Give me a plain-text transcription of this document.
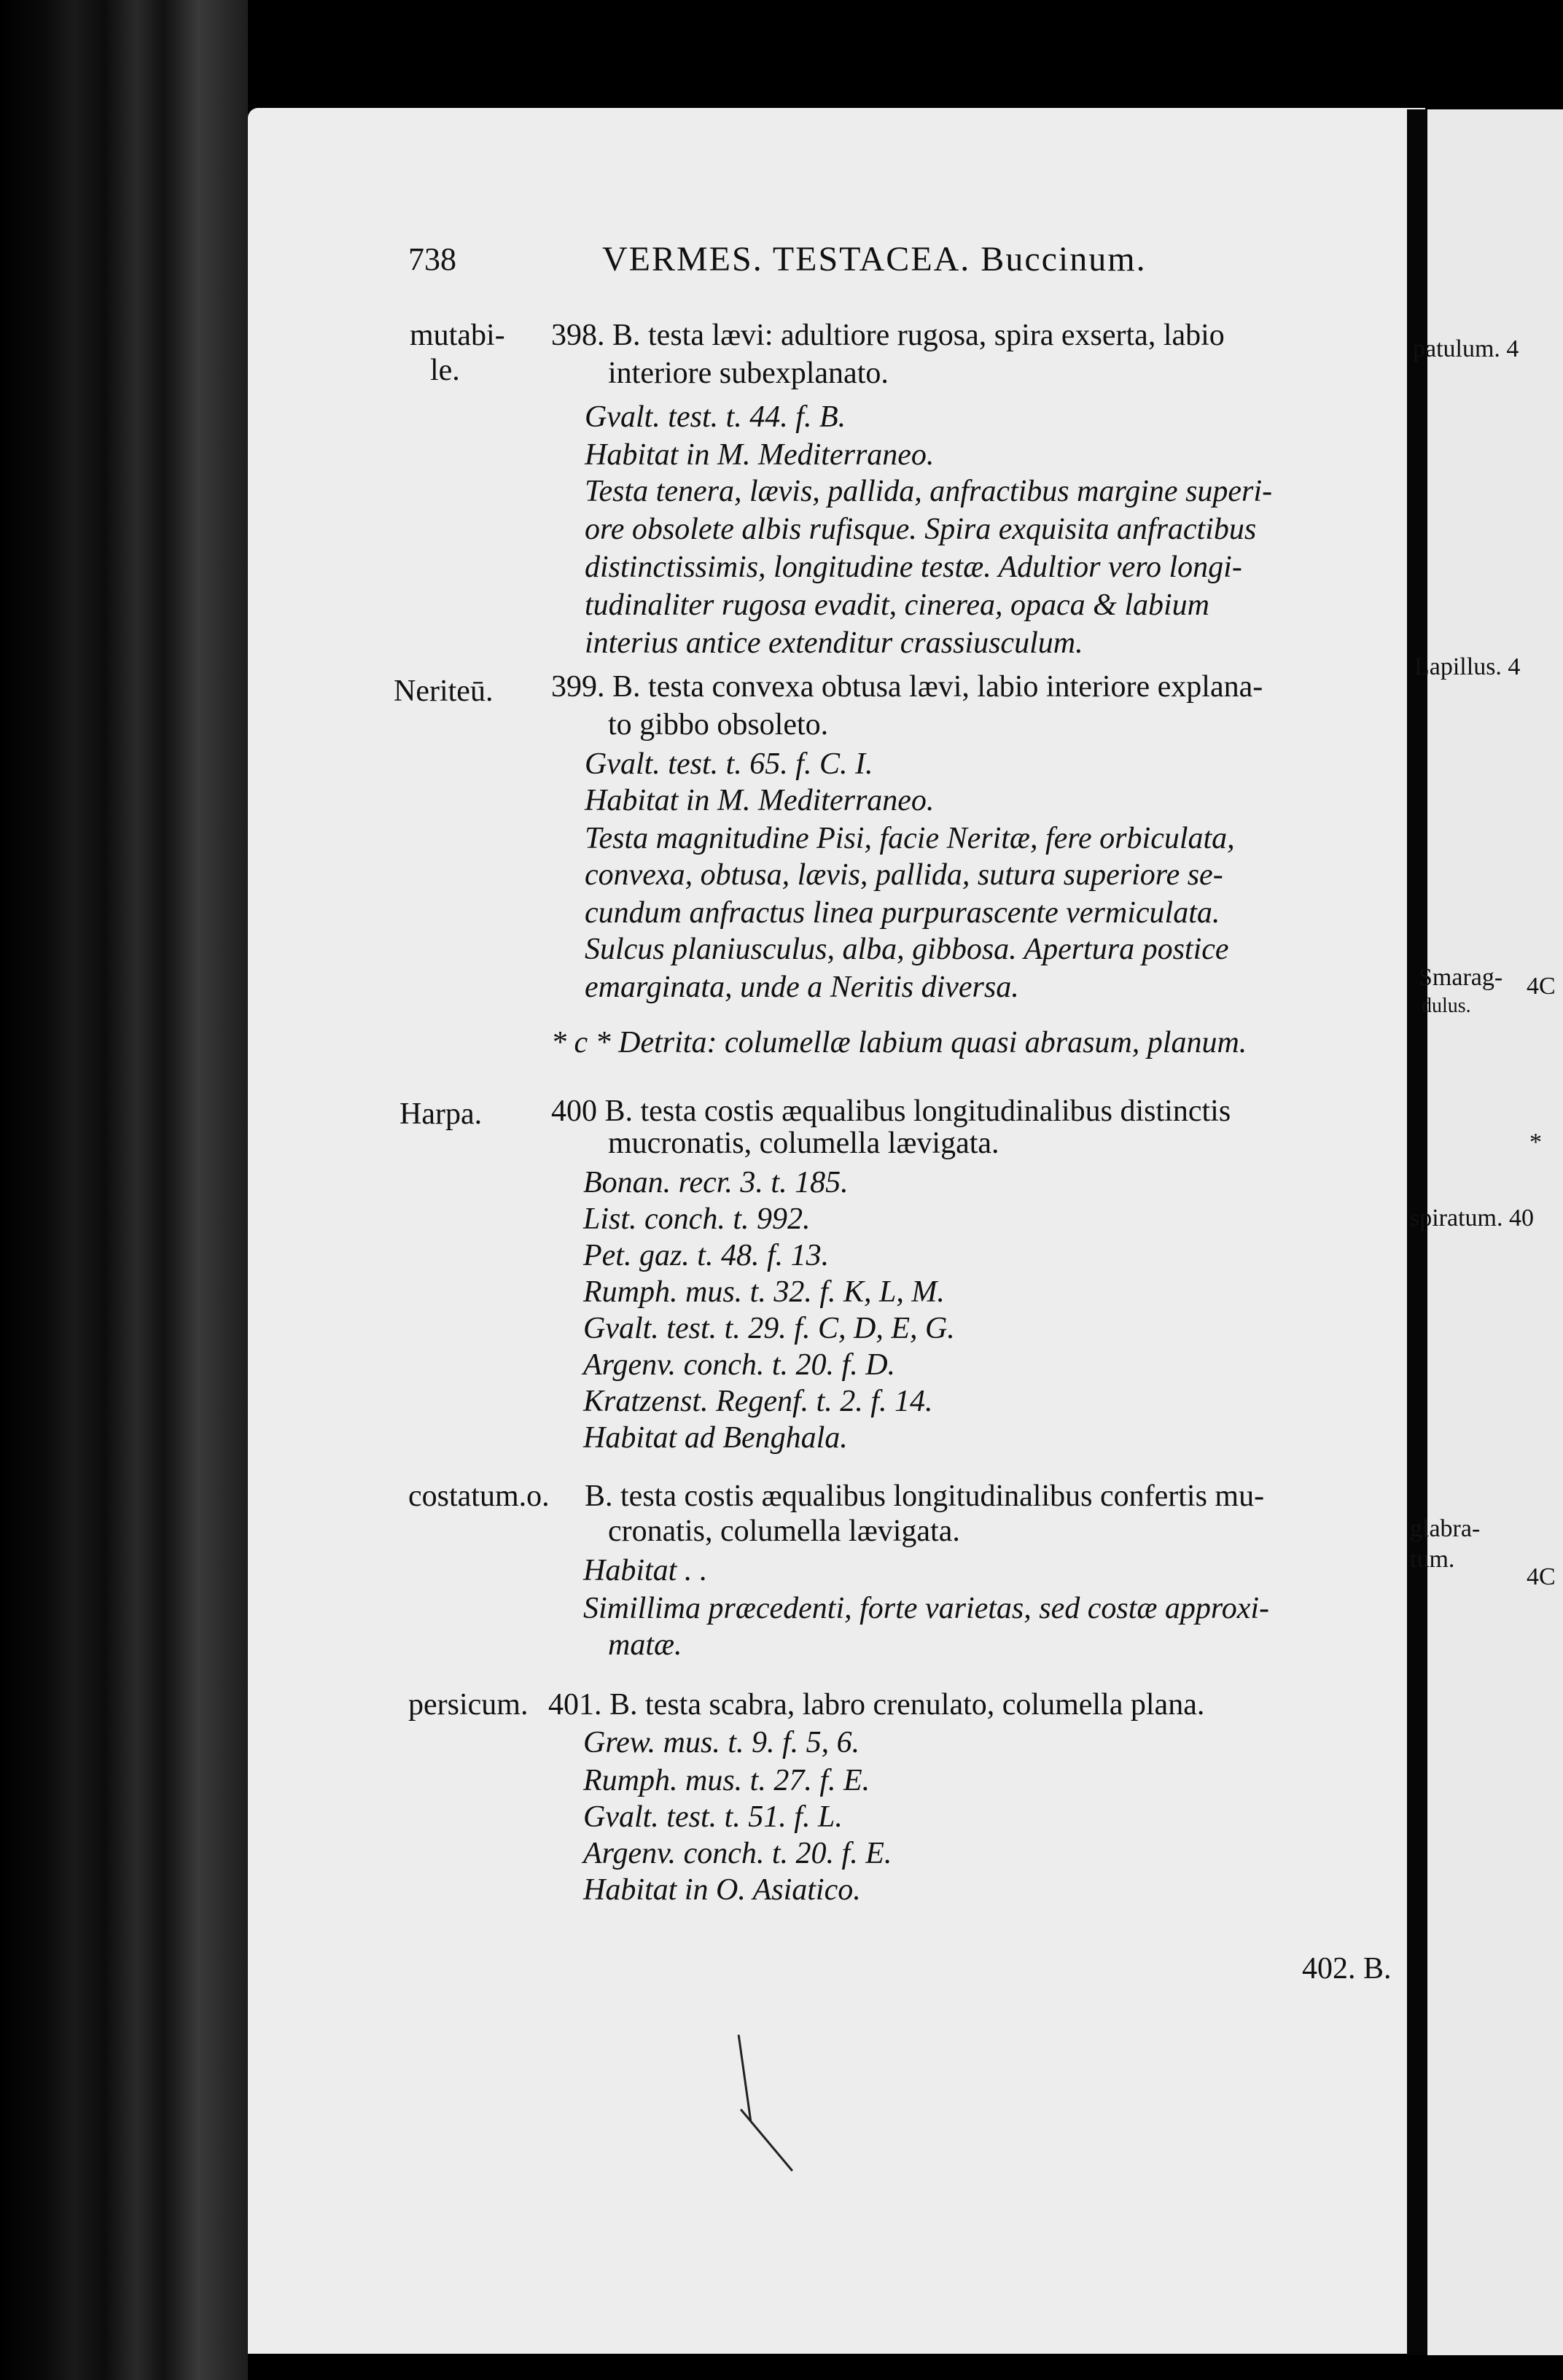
738	VERMES. TESTACEA. Buccinum.
mutabi-
le.
398. B. testa lævi: adultiore rugosa, spira exserta, labio
interiore subexplanato.
Gvalt. test. t. 44. f. B.
Habitat in M. Mediterraneo.
Testa tenera, lævis, pallida, anfractibus margine superi-
ore obsolete albis rufisque. Spira exquisita anfractibus
distinctissimis, longitudine testæ. Adultior vero longi-
tudinaliter rugosa evadit, cinerea, opaca & labium
interius antice extenditur crassiusculum.
Neriteū. 399. B. testa convexa obtusa lævi, labio interiore explana-
to gibbo obsoleto.
Gvalt. test. t. 65. f. C. I.
Habitat in M. Mediterraneo.
Testa magnitudine Pisi, facie Neritæ, fere orbiculata,
convexa, obtusa, lævis, pallida, sutura superiore se-
cundum anfractus linea purpurascente vermiculata.
Sulcus planiusculus, alba, gibbosa. Apertura postice
emarginata, unde a Neritis diversa.
* c * Detrita: columellæ labium quasi abrasum, planum.
Harpa. 400 B. testa costis æqualibus longitudinalibus distinctis
mucronatis, columella lævigata.
Bonan. recr. 3. t. 185.
List. conch. t. 992.
Pet. gaz. t. 48. f. 13.
Rumph. mus. t. 32. f. K, L, M.
Gvalt. test. t. 29. f. C, D, E, G.
Argenv. conch. t. 20. f. D.
Kratzenst. Regenf. t. 2. f. 14.
Habitat ad Benghala.
costatum.o. B. testa costis æqualibus longitudinalibus confertis mu-
cronatis, columella lævigata.
Habitat . .
Simillima præcedenti, forte varietas, sed costæ approxi-
matæ.
persicum. 401. B. testa scabra, labro crenulato, columella plana.
Grew. mus. t. 9. f. 5, 6.
Rumph. mus. t. 27. f. E.
Gvalt. test. t. 51. f. L.
Argenv. conch. t. 20. f. E.
Habitat in O. Asiatico.
402. B.
patulum. 4
Lapillus. 4
Smarag-
dulus.
*
spiratum. 40
glabra-
tum.
4C
4C
